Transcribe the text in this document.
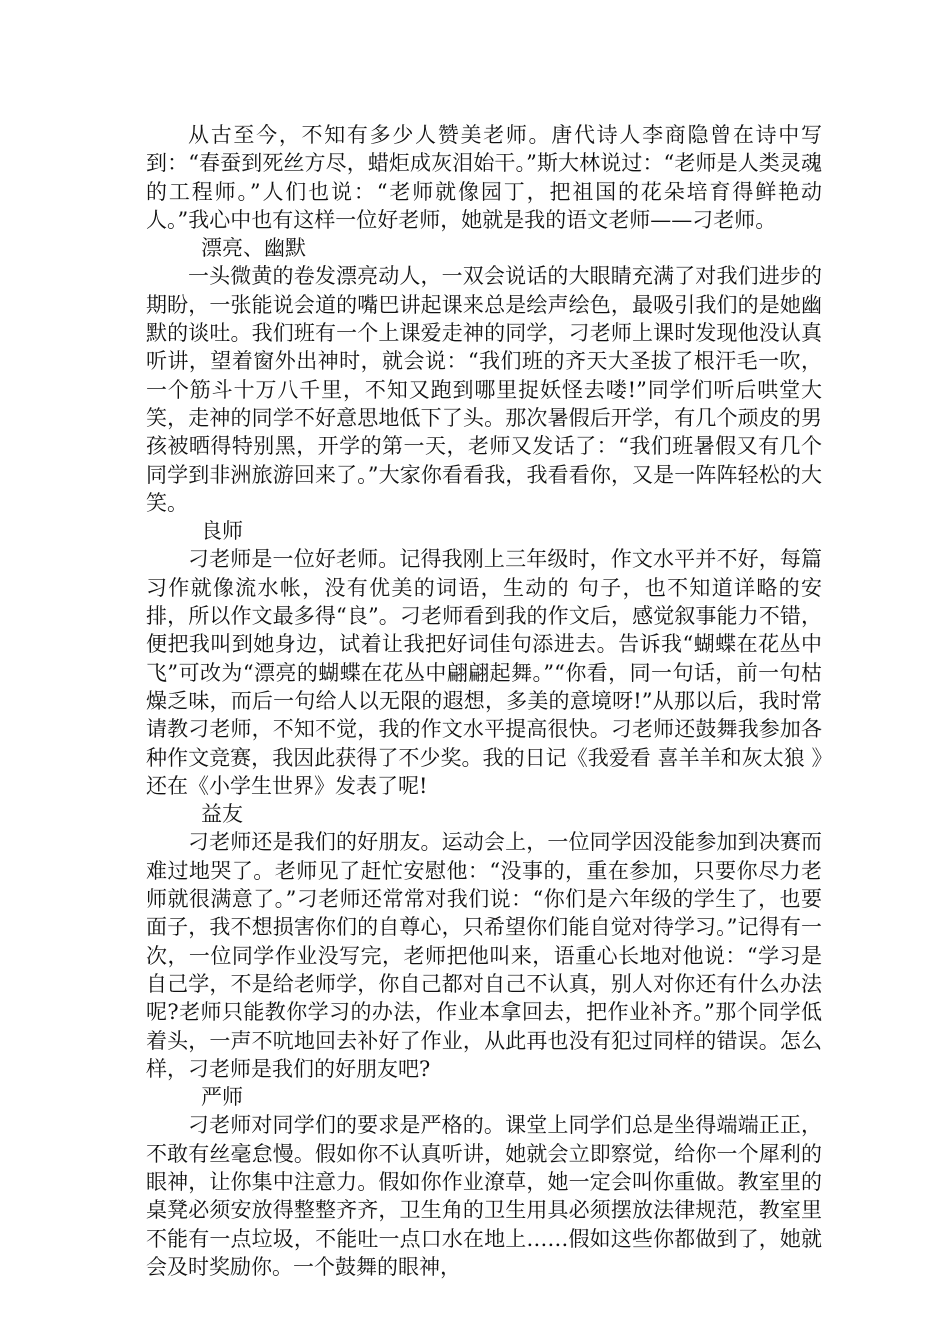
从古至今，不知有多少人赞美老师。唐代诗人李商隐曾在诗中写到：“春蚕到死丝方尽，蜡炬成灰泪始干。”斯大林说过：“老师是人类灵魂的工程师。”人们也说：“老师就像园丁，把祖国的花朵培育得鲜艳动人。”我心中也有这样一位好老师，她就是我的语文老师——刁老师。

漂亮、幽默

一头微黄的卷发漂亮动人，一双会说话的大眼睛充满了对我们进步的期盼，一张能说会道的嘴巴讲起课来总是绘声绘色，最吸引我们的是她幽默的谈吐。我们班有一个上课爱走神的同学，刁老师上课时发现他没认真听讲，望着窗外出神时，就会说：“我们班的齐天大圣拔了根汗毛一吹，一个筋斗十万八千里，不知又跑到哪里捉妖怪去喽!”同学们听后哄堂大笑，走神的同学不好意思地低下了头。那次暑假后开学，有几个顽皮的男孩被晒得特别黑，开学的第一天，老师又发话了：“我们班暑假又有几个同学到非洲旅游回来了。”大家你看看我，我看看你，又是一阵阵轻松的大笑。

良师

刁老师是一位好老师。记得我刚上三年级时，作文水平并不好，每篇习作就像流水帐，没有优美的词语，生动的 句子，也不知道详略的安排，所以作文最多得“良”。刁老师看到我的作文后，感觉叙事能力不错，便把我叫到她身边，试着让我把好词佳句添进去。告诉我“蝴蝶在花丛中飞”可改为“漂亮的蝴蝶在花丛中翩翩起舞。”“你看，同一句话，前一句枯燥乏味，而后一句给人以无限的遐想，多美的意境呀!”从那以后，我时常请教刁老师，不知不觉，我的作文水平提高很快。刁老师还鼓舞我参加各种作文竞赛，我因此获得了不少奖。我的日记《我爱看 喜羊羊和灰太狼 》还在《小学生世界》发表了呢!

益友

刁老师还是我们的好朋友。运动会上，一位同学因没能参加到决赛而难过地哭了。老师见了赶忙安慰他：“没事的，重在参加，只要你尽力老师就很满意了。”刁老师还常常对我们说：“你们是六年级的学生了，也要面子，我不想损害你们的自尊心，只希望你们能自觉对待学习。”记得有一次，一位同学作业没写完，老师把他叫来，语重心长地对他说：“学习是自己学，不是给老师学，你自己都对自己不认真，别人对你还有什么办法呢?老师只能教你学习的办法，作业本拿回去，把作业补齐。”那个同学低着头，一声不吭地回去补好了作业，从此再也没有犯过同样的错误。怎么样，刁老师是我们的好朋友吧?

严师

刁老师对同学们的要求是严格的。课堂上同学们总是坐得端端正正，不敢有丝毫怠慢。假如你不认真听讲，她就会立即察觉，给你一个犀利的眼神，让你集中注意力。假如你作业潦草，她一定会叫你重做。教室里的桌凳必须安放得整整齐齐，卫生角的卫生用具必须摆放法律规范，教室里不能有一点垃圾，不能吐一点口水在地上……假如这些你都做到了，她就会及时奖励你。一个鼓舞的眼神，
